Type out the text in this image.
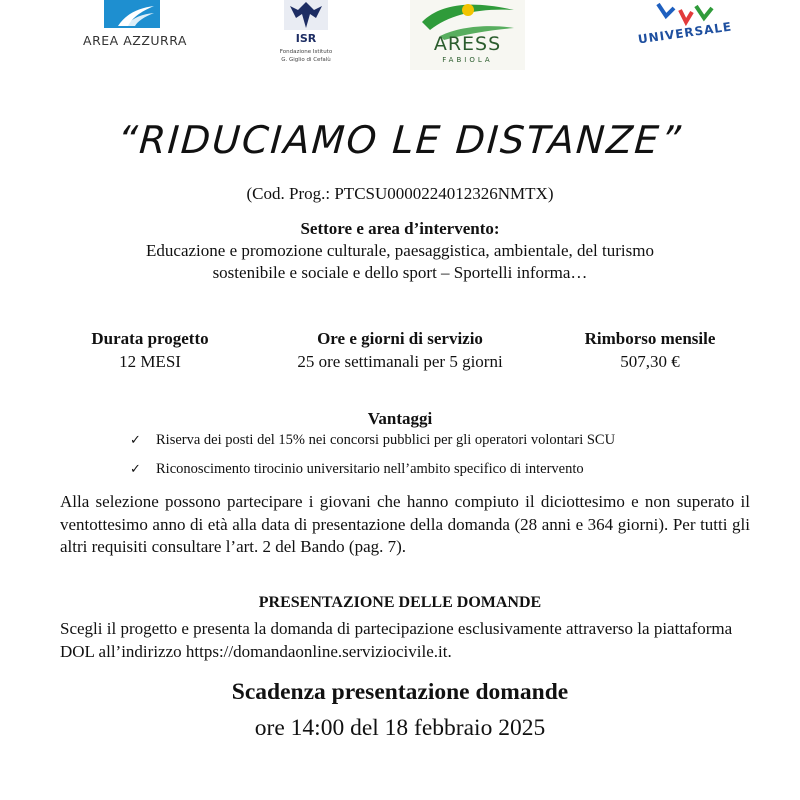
AREA AZZURRA	ISR
Fondazione Istituto
G. Giglio di Cefalù
ARESS
FABIOLA
UNIVERSALE
“RIDUCIAMO LE DISTANZE”
(Cod. Prog.: PTCSU0000224012326NMTX)
Settore e area d’intervento:
Educazione e promozione culturale, paesaggistica, ambientale, del turismo
sostenibile e sociale e dello sport – Sportelli informa…
Durata progetto
12 MESI
Ore e giorni di servizio
25 ore settimanali per 5 giorni
Rimborso mensile
507,30 €
Vantaggi
✓ Riserva dei posti del 15% nei concorsi pubblici per gli operatori volontari SCU
✓ Riconoscimento tirocinio universitario nell’ambito specifico di intervento
Alla selezione possono partecipare i giovani che hanno compiuto il diciottesimo e non superato il ventottesimo anno di età alla data di presentazione della domanda (28 anni e 364 giorni). Per tutti gli altri requisiti consultare l’art. 2 del Bando (pag. 7).
PRESENTAZIONE DELLE DOMANDE
Scegli il progetto e presenta la domanda di partecipazione esclusivamente attraverso la piattaforma DOL all’indirizzo https://domandaonline.serviziocivile.it.
Scadenza presentazione domande
ore 14:00 del 18 febbraio 2025
